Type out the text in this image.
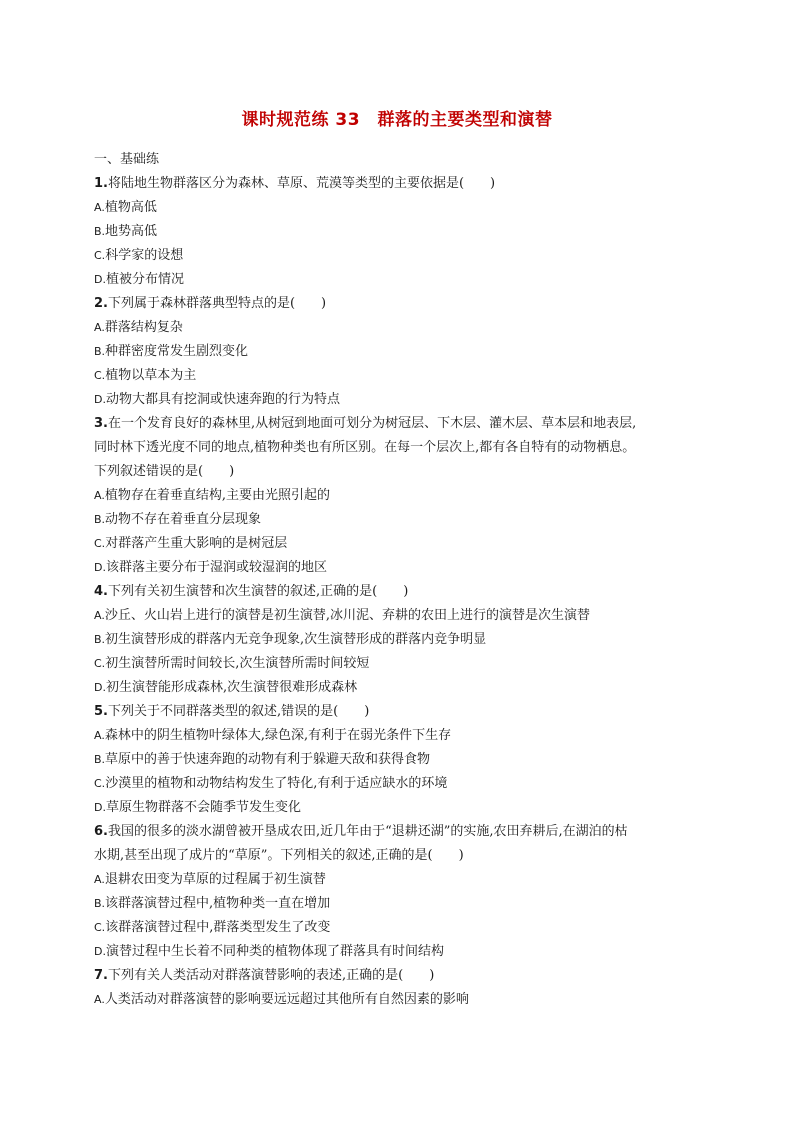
课时规范练 33　群落的主要类型和演替
一、基础练
1.将陆地生物群落区分为森林、草原、荒漠等类型的主要依据是(　　)
A.植物高低
B.地势高低
C.科学家的设想
D.植被分布情况
2.下列属于森林群落典型特点的是(　　)
A.群落结构复杂
B.种群密度常发生剧烈变化
C.植物以草本为主
D.动物大都具有挖洞或快速奔跑的行为特点
3.在一个发育良好的森林里,从树冠到地面可划分为树冠层、下木层、灌木层、草本层和地表层,
同时林下透光度不同的地点,植物种类也有所区别。在每一个层次上,都有各自特有的动物栖息。
下列叙述错误的是(　　)
A.植物存在着垂直结构,主要由光照引起的
B.动物不存在着垂直分层现象
C.对群落产生重大影响的是树冠层
D.该群落主要分布于湿润或较湿润的地区
4.下列有关初生演替和次生演替的叙述,正确的是(　　)
A.沙丘、火山岩上进行的演替是初生演替,冰川泥、弃耕的农田上进行的演替是次生演替
B.初生演替形成的群落内无竞争现象,次生演替形成的群落内竞争明显
C.初生演替所需时间较长,次生演替所需时间较短
D.初生演替能形成森林,次生演替很难形成森林
5.下列关于不同群落类型的叙述,错误的是(　　)
A.森林中的阴生植物叶绿体大,绿色深,有利于在弱光条件下生存
B.草原中的善于快速奔跑的动物有利于躲避天敌和获得食物
C.沙漠里的植物和动物结构发生了特化,有利于适应缺水的环境
D.草原生物群落不会随季节发生变化
6.我国的很多的淡水湖曾被开垦成农田,近几年由于“退耕还湖”的实施,农田弃耕后,在湖泊的枯
水期,甚至出现了成片的“草原”。下列相关的叙述,正确的是(　　)
A.退耕农田变为草原的过程属于初生演替
B.该群落演替过程中,植物种类一直在增加
C.该群落演替过程中,群落类型发生了改变
D.演替过程中生长着不同种类的植物体现了群落具有时间结构
7.下列有关人类活动对群落演替影响的表述,正确的是(　　)
A.人类活动对群落演替的影响要远远超过其他所有自然因素的影响
